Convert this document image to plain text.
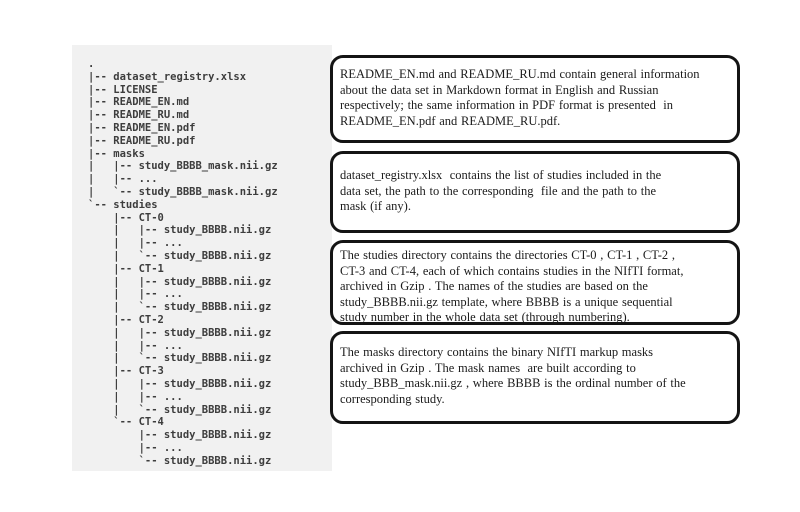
.
|-- dataset_registry.xlsx
|-- LICENSE
|-- README_EN.md
|-- README_RU.md
|-- README_EN.pdf
|-- README_RU.pdf
|-- masks
|   |-- study_BBBB_mask.nii.gz
|   |-- ...
|   `-- study_BBBB_mask.nii.gz
`-- studies
|-- CT-0
|   |-- study_BBBB.nii.gz
|   |-- ...
|   `-- study_BBBB.nii.gz
|-- CT-1
|   |-- study_BBBB.nii.gz
|   |-- ...
|   `-- study_BBBB.nii.gz
|-- CT-2
|   |-- study_BBBB.nii.gz
|   |-- ...
|   `-- study_BBBB.nii.gz
|-- CT-3
|   |-- study_BBBB.nii.gz
|   |-- ...
|   `-- study_BBBB.nii.gz
`-- CT-4
|-- study_BBBB.nii.gz
|-- ...
`-- study_BBBB.nii.gz
README_EN.md and README_RU.md contain general information
about the data set in Markdown format in English and Russian
respectively; the same information in PDF format is presented  in
README_EN.pdf and README_RU.pdf.
dataset_registry.xlsx  contains the list of studies included in the
data set, the path to the corresponding  file and the path to the
mask (if any).
The studies directory contains the directories CT-0 , CT-1 , CT-2 ,
CT-3 and CT-4, each of which contains studies in the NIfTI format,
archived in Gzip . The names of the studies are based on the
study_BBBB.nii.gz template, where BBBB is a unique sequential
study number in the whole data set (through numbering).
The masks directory contains the binary NIfTI markup masks
archived in Gzip . The mask names  are built according to
study_BBB_mask.nii.gz , where BBBB is the ordinal number of the
corresponding study.
